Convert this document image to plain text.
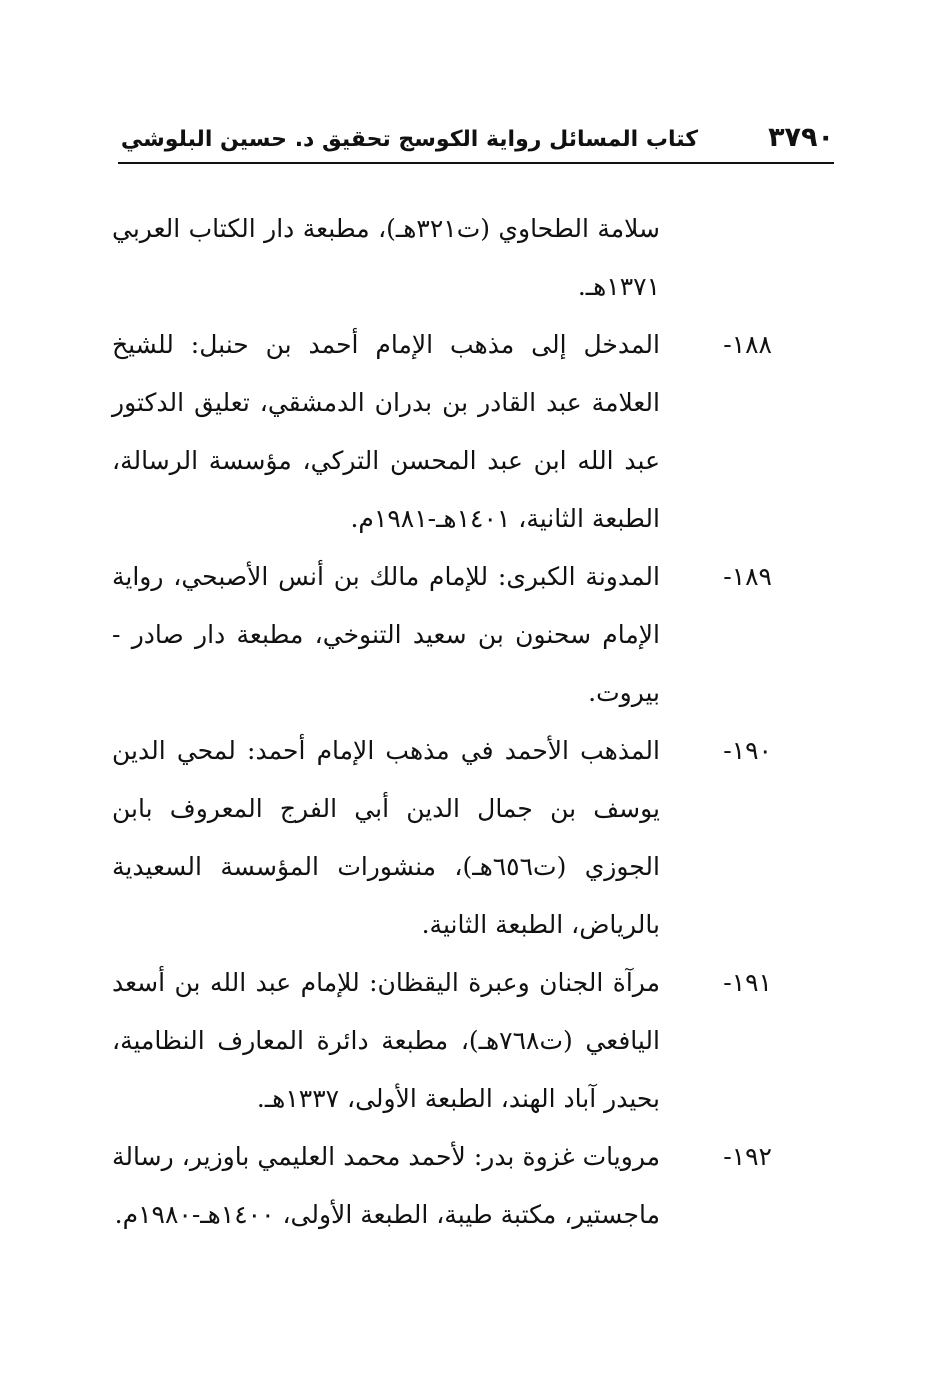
٣٧٩٠
كتاب المسائل رواية الكوسج تحقيق د. حسين البلوشي

سلامة الطحاوي (ت٣٢١هـ)، مطبعة دار الكتاب العربي ١٣٧١هـ.

١٨٨-

المدخل إلى مذهب الإمام أحمد بن حنبل: للشيخ العلامة عبد القادر بن بدران الدمشقي، تعليق الدكتور عبد الله ابن عبد المحسن التركي، مؤسسة الرسالة، الطبعة الثانية، ١٤٠١هـ-١٩٨١م.

١٨٩-

المدونة الكبرى: للإمام مالك بن أنس الأصبحي، رواية الإمام سحنون بن سعيد التنوخي، مطبعة دار صادر - بيروت.

١٩٠-

المذهب الأحمد في مذهب الإمام أحمد: لمحي الدين يوسف بن جمال الدين أبي الفرج المعروف بابن الجوزي (ت٦٥٦هـ)، منشورات المؤسسة السعيدية بالرياض، الطبعة الثانية.

١٩١-

مرآة الجنان وعبرة اليقظان: للإمام عبد الله بن أسعد اليافعي (ت٧٦٨هـ)، مطبعة دائرة المعارف النظامية، بحيدر آباد الهند، الطبعة الأولى، ١٣٣٧هـ.

١٩٢-

مرويات غزوة بدر: لأحمد محمد العليمي باوزير، رسالة ماجستير، مكتبة طيبة، الطبعة الأولى، ١٤٠٠هـ-١٩٨٠م.
